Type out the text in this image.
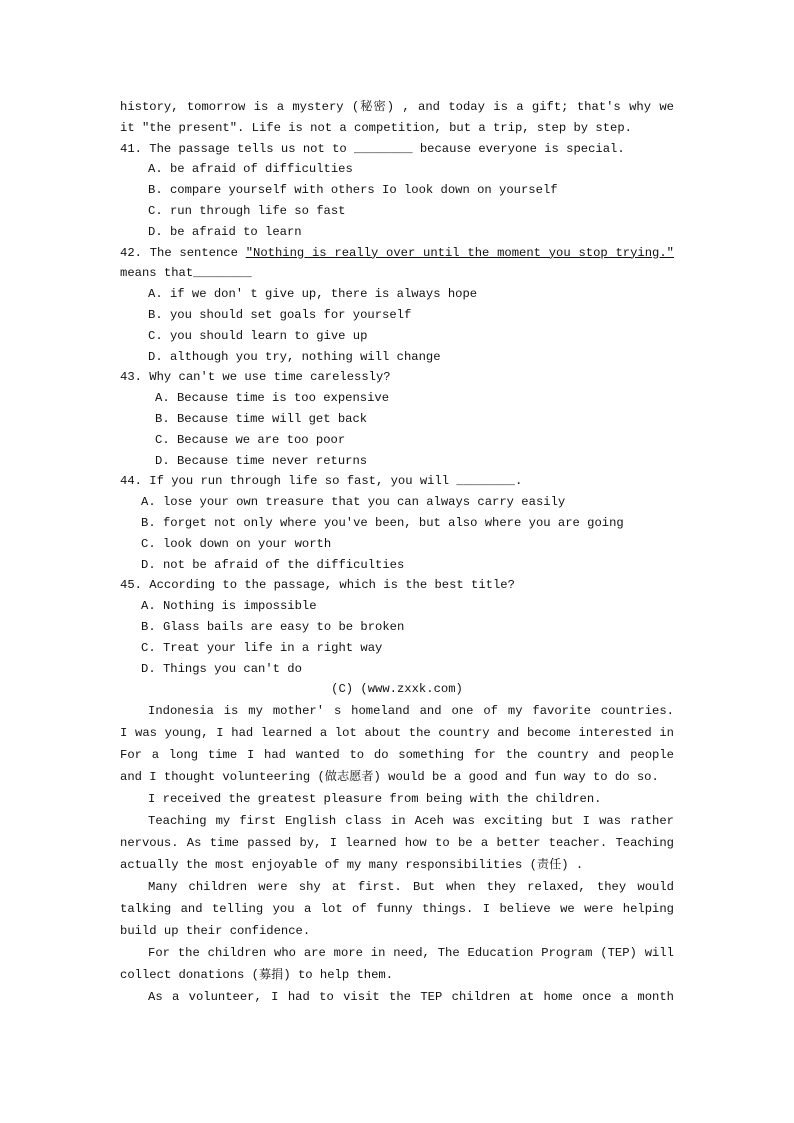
history, tomorrow is a mystery (秘密) , and today is a gift; that's why we
it "the present". Life is not a competition, but a trip, step by step.
41. The passage tells us not to ________ because everyone is special.
A. be afraid of difficulties
B. compare yourself with others Io look down on yourself
C. run through life so fast
D. be afraid to learn
42. The sentence "Nothing is really over until the moment you stop trying."
means that________
A. if we don' t give up, there is always hope
B. you should set goals for yourself
C. you should learn to give up
D. although you try, nothing will change
43. Why can't we use time carelessly?
A. Because time is too expensive
B. Because time will get back
C. Because we are too poor
D. Because time never returns
44. If you run through life so fast, you will ________.
A. lose your own treasure that you can always carry easily
B. forget not only where you've been, but also where you are going
C. look down on your worth
D. not be afraid of the difficulties
45. According to the passage, which is the best title?
A. Nothing is impossible
B. Glass bails are easy to be broken
C. Treat your life in a right way
D. Things you can't do
(C) (www.zxxk.com)
Indonesia is my mother' s homeland and one of my favorite countries.
I was young, I had learned a lot about the country and become interested in
For a long time I had wanted to do something for the country and people
and I thought volunteering (做志愿者) would be a good and fun way to do so.
I received the greatest pleasure from being with the children.
Teaching my first English class in Aceh was exciting but I was rather
nervous. As time passed by, I learned how to be a better teacher. Teaching
actually the most enjoyable of my many responsibilities (责任) .
Many children were shy at first. But when they relaxed, they would
talking and telling you a lot of funny things. I believe we were helping
build up their confidence.
For the children who are more in need, The Education Program (TEP) will
collect donations (募捐) to help them.
As a volunteer, I had to visit the TEP children at home once a month
